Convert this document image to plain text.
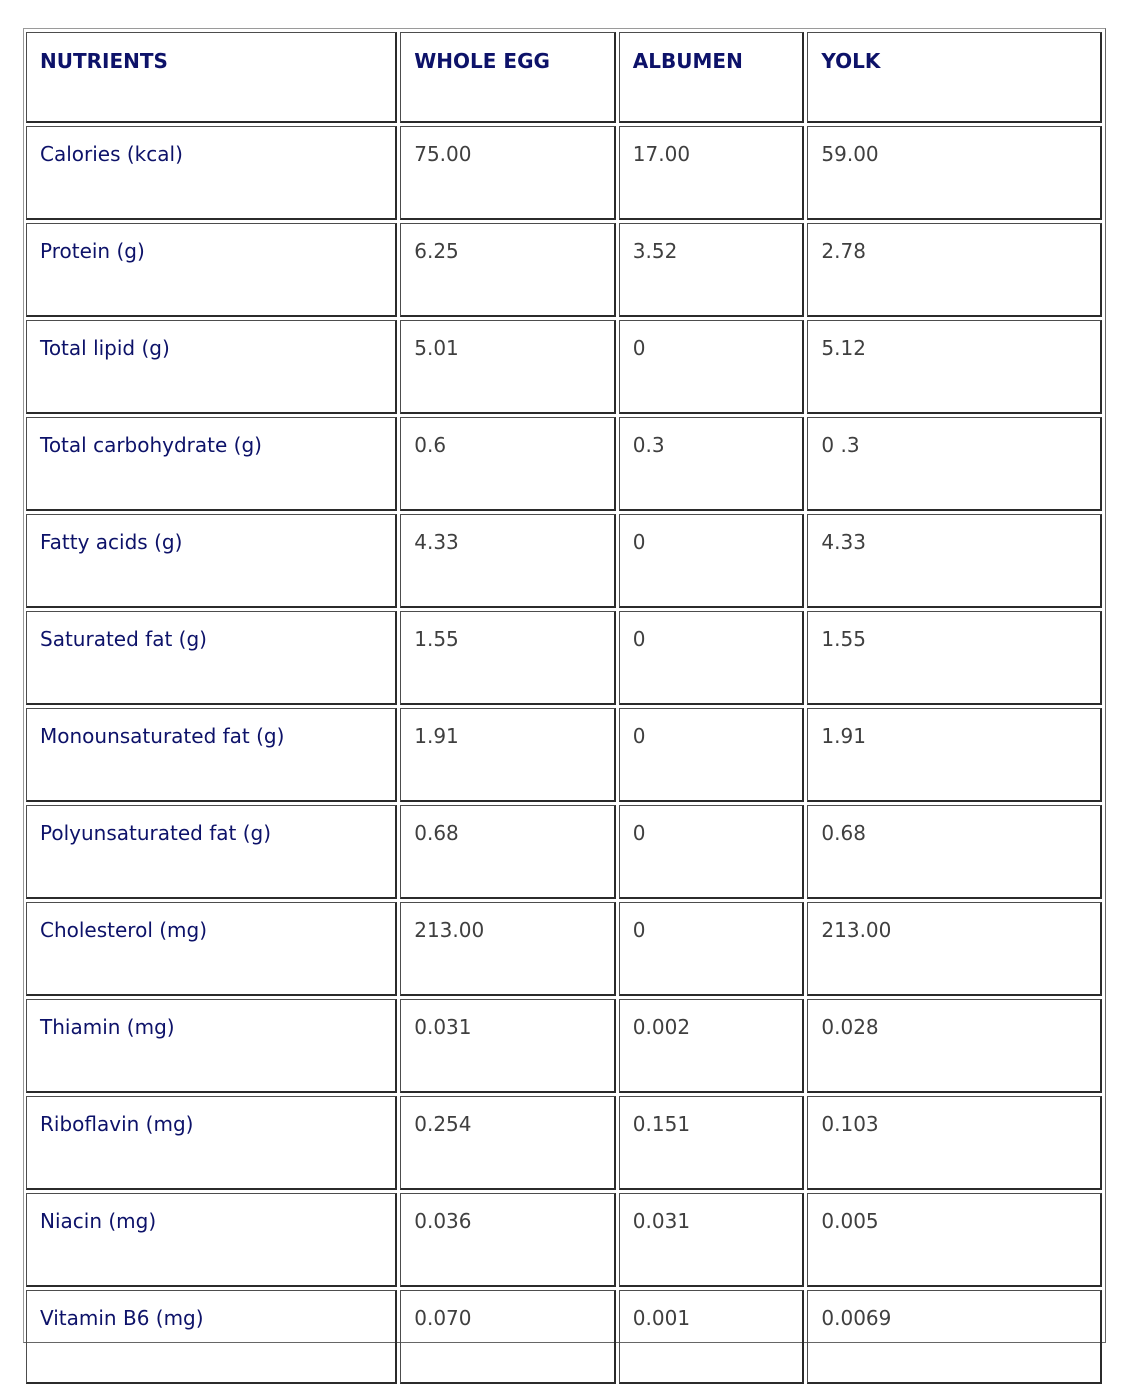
NUTRIENTS	WHOLE EGG	ALBUMEN	YOLK
Calories (kcal)	75.00	17.00	59.00
Protein (g)	6.25	3.52	2.78
Total lipid (g)	5.01	0	5.12
Total carbohydrate (g)	0.6	0.3	0 .3
Fatty acids (g)	4.33	0	4.33
Saturated fat (g)	1.55	0	1.55
Monounsaturated fat (g)	1.91	0	1.91
Polyunsaturated fat (g)	0.68	0	0.68
Cholesterol (mg)	213.00	0	213.00
Thiamin (mg)	0.031	0.002	0.028
Riboflavin (mg)	0.254	0.151	0.103
Niacin (mg)	0.036	0.031	0.005
Vitamin B6 (mg)	0.070	0.001	0.0069
